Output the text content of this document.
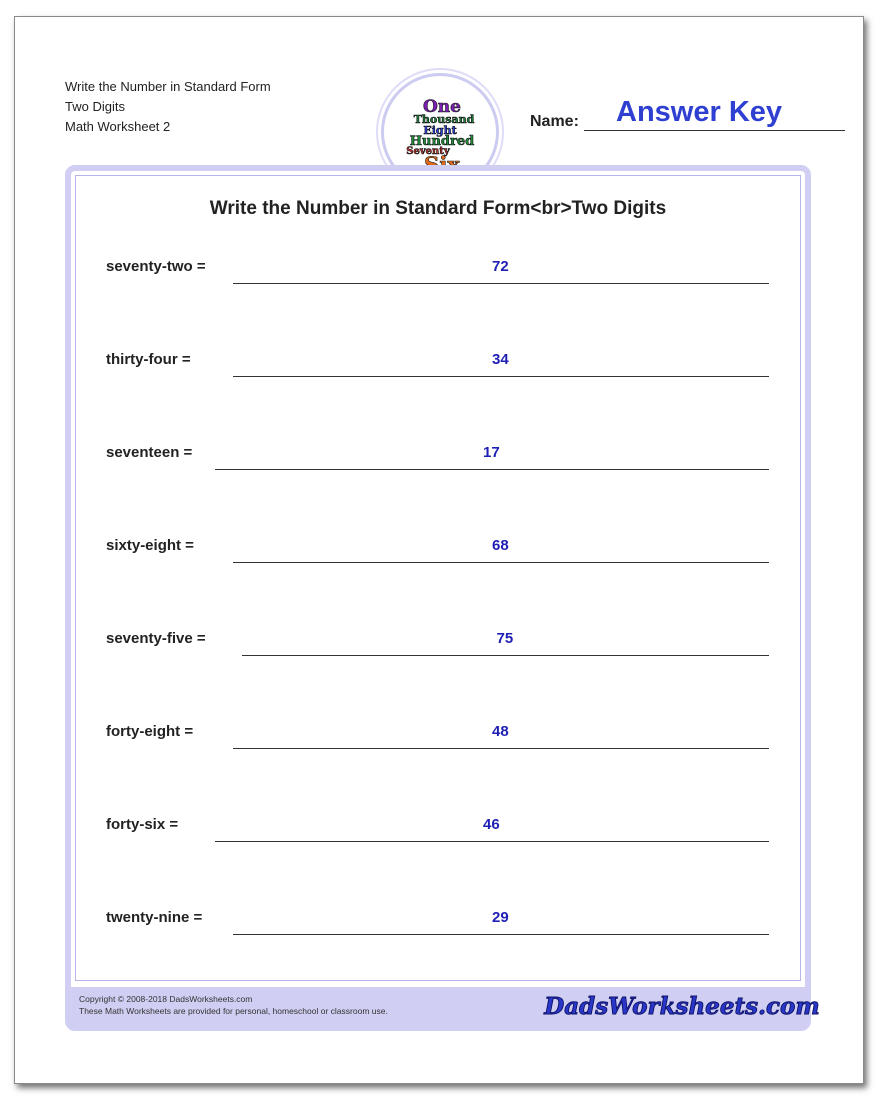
Write the Number in Standard Form
Two Digits
Math Worksheet 2
One
Thousand
Eight
Hundred
Seventy
Name: Answer Key
Write the Number in Standard Form<br>Two Digits
seventy-two =	72
thirty-four =	34
seventeen =	17
sixty-eight =	68
seventy-five =	75
forty-eight =	48
forty-six =	46
twenty-nine =	29
Copyright © 2008-2018 DadsWorksheets.com
These Math Worksheets are provided for personal, homeschool or classroom use.	DadsWorksheets.com
